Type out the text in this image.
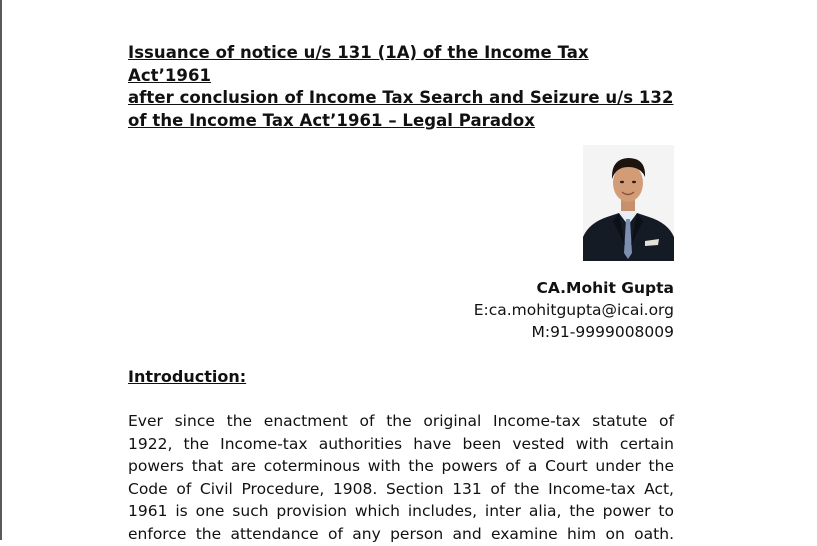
Issuance of notice u/s 131 (1A) of the Income Tax Act’1961
after conclusion of Income Tax Search and Seizure u/s 132
of the Income Tax Act’1961 – Legal Paradox
CA.Mohit Gupta
E:ca.mohitgupta@icai.org
M:91-9999008009
Introduction:
Ever since the enactment of the original Income-tax statute of
1922, the Income-tax authorities have been vested with certain
powers that are coterminous with the powers of a Court under the
Code of Civil Procedure, 1908. Section 131 of the Income-tax Act,
1961 is one such provision which includes, inter alia, the power to
enforce the attendance of any person and examine him on oath.
